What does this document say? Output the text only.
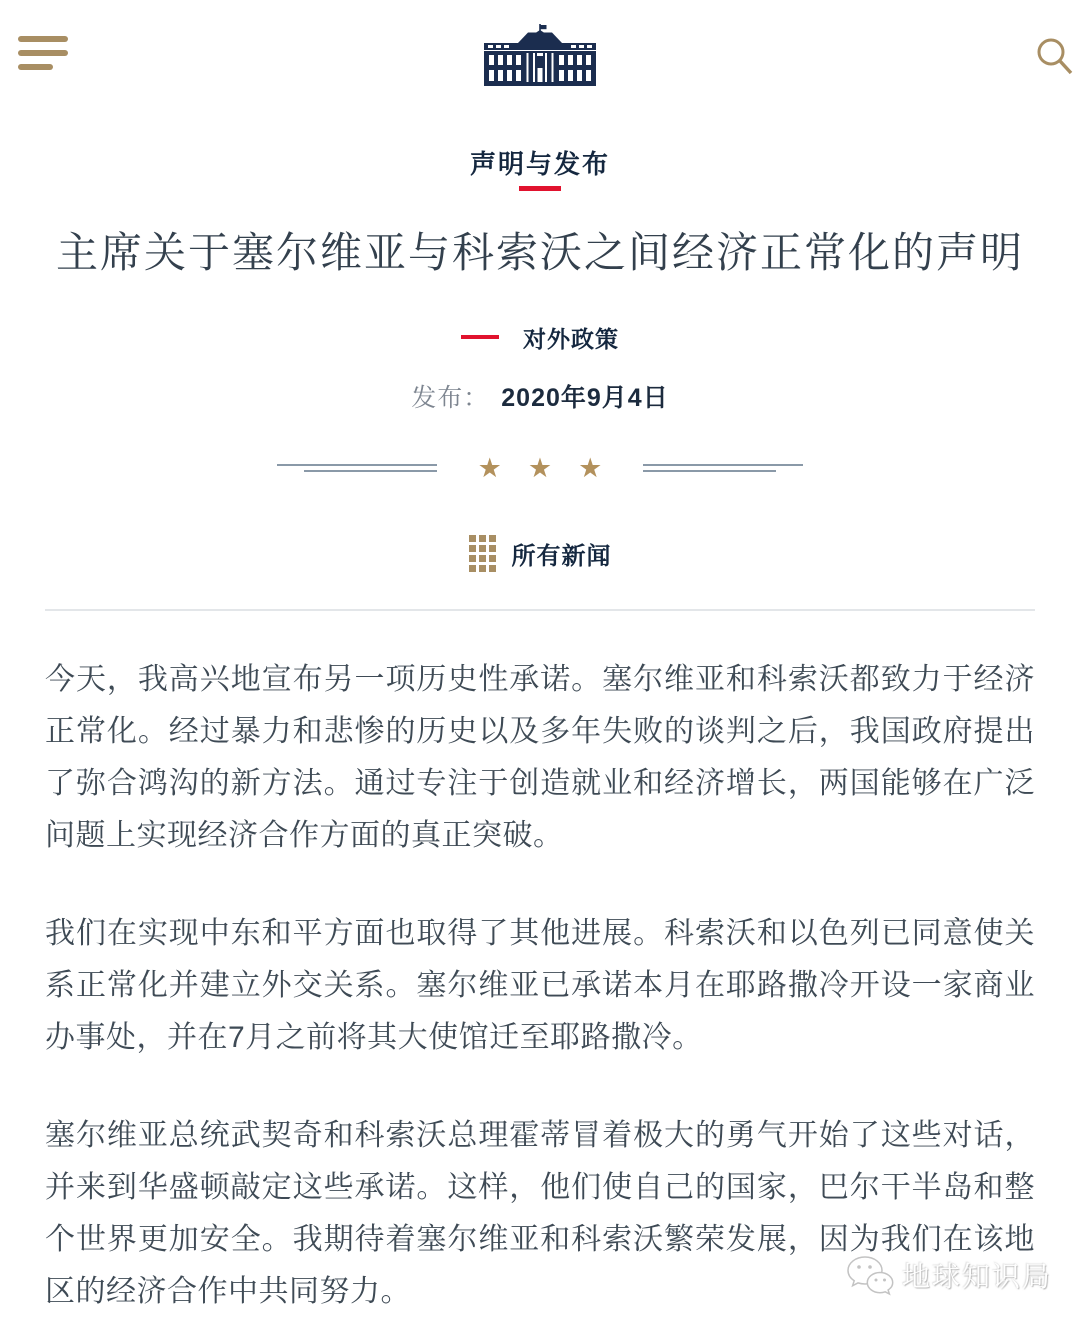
声明与发布
主席关于塞尔维亚与科索沃之间经济正常化的声明
对外政策
发布： 2020年9月4日
★ ★ ★
所有新闻

今天，我高兴地宣布另一项历史性承诺。塞尔维亚和科索沃都致力于经济正常化。经过暴力和悲惨的历史以及多年失败的谈判之后，我国政府提出了弥合鸿沟的新方法。通过专注于创造就业和经济增长，两国能够在广泛问题上实现经济合作方面的真正突破。

我们在实现中东和平方面也取得了其他进展。科索沃和以色列已同意使关系正常化并建立外交关系。塞尔维亚已承诺本月在耶路撒冷开设一家商业办事处，并在7月之前将其大使馆迁至耶路撒冷。

塞尔维亚总统武契奇和科索沃总理霍蒂冒着极大的勇气开始了这些对话，并来到华盛顿敲定这些承诺。这样，他们使自己的国家，巴尔干半岛和整个世界更加安全。我期待着塞尔维亚和科索沃繁荣发展，因为我们在该地区的经济合作中共同努力。	地球知识局
